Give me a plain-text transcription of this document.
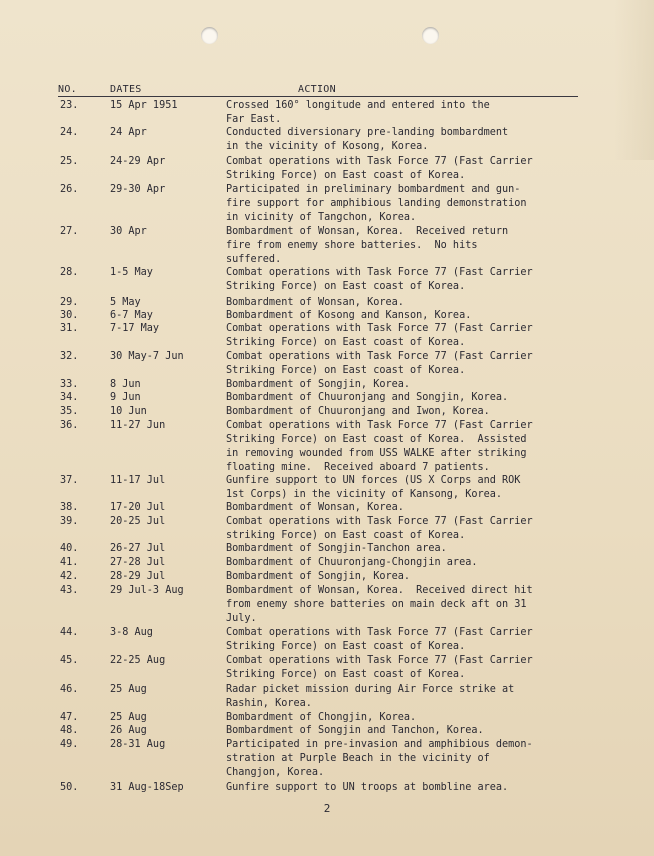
NO.	DATES	ACTION
23.	15 Apr 1951	Crossed 160° longitude and entered into the
Far East.
24.	24 Apr	Conducted diversionary pre-landing bombardment
in the vicinity of Kosong, Korea.
25.	24-29 Apr	Combat operations with Task Force 77 (Fast Carrier
Striking Force) on East coast of Korea.
26.	29-30 Apr	Participated in preliminary bombardment and gun-
fire support for amphibious landing demonstration
in vicinity of Tangchon, Korea.
27.	30 Apr	Bombardment of Wonsan, Korea.  Received return
fire from enemy shore batteries.  No hits
suffered.
28.	1-5 May	Combat operations with Task Force 77 (Fast Carrier
Striking Force) on East coast of Korea.
29.	5 May	Bombardment of Wonsan, Korea.
30.	6-7 May	Bombardment of Kosong and Kanson, Korea.
31.	7-17 May	Combat operations with Task Force 77 (Fast Carrier
Striking Force) on East coast of Korea.
32.	30 May-7 Jun	Combat operations with Task Force 77 (Fast Carrier
Striking Force) on East coast of Korea.
33.	8 Jun	Bombardment of Songjin, Korea.
34.	9 Jun	Bombardment of Chuuronjang and Songjin, Korea.
35.	10 Jun	Bombardment of Chuuronjang and Iwon, Korea.
36.	11-27 Jun	Combat operations with Task Force 77 (Fast Carrier
Striking Force) on East coast of Korea.  Assisted
in removing wounded from USS WALKE after striking
floating mine.  Received aboard 7 patients.
37.	11-17 Jul	Gunfire support to UN forces (US X Corps and ROK
1st Corps) in the vicinity of Kansong, Korea.
38.	17-20 Jul	Bombardment of Wonsan, Korea.
39.	20-25 Jul	Combat operations with Task Force 77 (Fast Carrier
striking Force) on East coast of Korea.
40.	26-27 Jul	Bombardment of Songjin-Tanchon area.
41.	27-28 Jul	Bombardment of Chuuronjang-Chongjin area.
42.	28-29 Jul	Bombardment of Songjin, Korea.
43.	29 Jul-3 Aug	Bombardment of Wonsan, Korea.  Received direct hit
from enemy shore batteries on main deck aft on 31
July.
44.	3-8 Aug	Combat operations with Task Force 77 (Fast Carrier
Striking Force) on East coast of Korea.
45.	22-25 Aug	Combat operations with Task Force 77 (Fast Carrier
Striking Force) on East coast of Korea.
46.	25 Aug	Radar picket mission during Air Force strike at
Rashin, Korea.
47.	25 Aug	Bombardment of Chongjin, Korea.
48.	26 Aug	Bombardment of Songjin and Tanchon, Korea.
49.	28-31 Aug	Participated in pre-invasion and amphibious demon-
stration at Purple Beach in the vicinity of
Changjon, Korea.
50.	31 Aug-18Sep	Gunfire support to UN troops at bombline area.
2
